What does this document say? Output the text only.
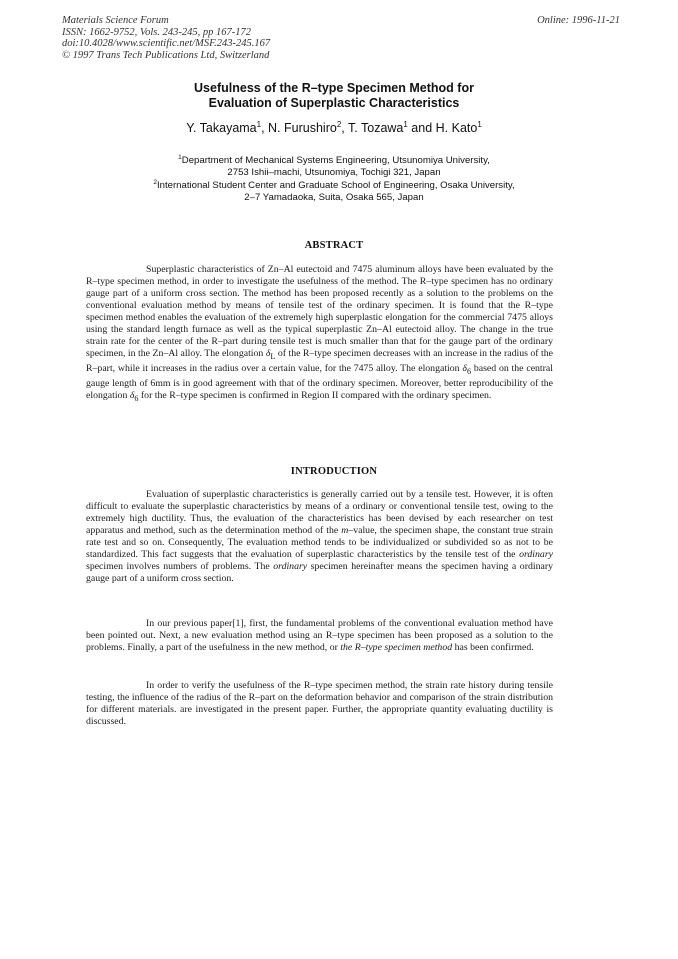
Materials Science Forum
ISSN: 1662-9752, Vols. 243-245, pp 167-172
doi:10.4028/www.scientific.net/MSF.243-245.167
© 1997 Trans Tech Publications Ltd, Switzerland
Online: 1996-11-21
Usefulness of the R–type Specimen Method for
Evaluation of Superplastic Characteristics
Y. Takayama$^1$, N. Furushiro$^2$, T. Tozawa$^1$ and H. Kato$^1$
$^1$Department of Mechanical Systems Engineering, Utsunomiya University,
2753 Ishii–machi, Utsunomiya, Tochigi 321, Japan
$^2$International Student Center and Graduate School of Engineering, Osaka University,
2–7 Yamadaoka, Suita, Osaka 565, Japan
ABSTRACT

Superplastic characteristics of Zn–Al eutectoid and 7475 aluminum alloys have been evaluated by the R–type specimen method, in order to investigate the usefulness of the method. The R–type specimen has no ordinary gauge part of a uniform cross section. The method has been proposed recently as a solution to the problems on the conventional evaluation method by means of tensile test of the ordinary specimen. It is found that the R–type specimen method enables the evaluation of the extremely high superplastic elongation for the commercial 7475 alloys using the standard length furnace as well as the typical superplastic Zn–Al eutectoid alloy. The change in the true strain rate for the center of the R–part during tensile test is much smaller than that for the gauge part of the ordinary specimen, in the Zn–Al alloy. The elongation $\delta_L$ of the R–type specimen decreases with an increase in the radius of the R–part, while it increases in the radius over a certain value, for the 7475 alloy. The elongation $\delta_6$ based on the central gauge length of 6mm is in good agreement with that of the ordinary specimen. Moreover, better reproducibility of the elongation $\delta_6$ for the R–type specimen is confirmed in Region II compared with the ordinary specimen.

INTRODUCTION

Evaluation of superplastic characteristics is generally carried out by a tensile test. However, it is often difficult to evaluate the superplastic characteristics by means of a ordinary or conventional tensile test, owing to the extremely high ductility. Thus, the evaluation of the characteristics has been devised by each researcher on test apparatus and method, such as the determination method of the m–value, the specimen shape, the constant true strain rate test and so on. Consequently, The evaluation method tends to be individualized or subdivided so as not to be standardized. This fact suggests that the evaluation of superplastic characteristics by the tensile test of the ordinary specimen involves numbers of problems. The ordinary specimen hereinafter means the specimen having a ordinary gauge part of a uniform cross section.

In our previous paper[1], first, the fundamental problems of the conventional evaluation method have been pointed out. Next, a new evaluation method using an R–type specimen has been proposed as a solution to the problems. Finally, a part of the usefulness in the new method, or the R–type specimen method has been confirmed.

In order to verify the usefulness of the R–type specimen method, the strain rate history during tensile testing, the influence of the radius of the R–part on the deformation behavior and comparison of the strain distribution for different materials. are investigated in the present paper. Further, the appropriate quantity evaluating ductility is discussed.
